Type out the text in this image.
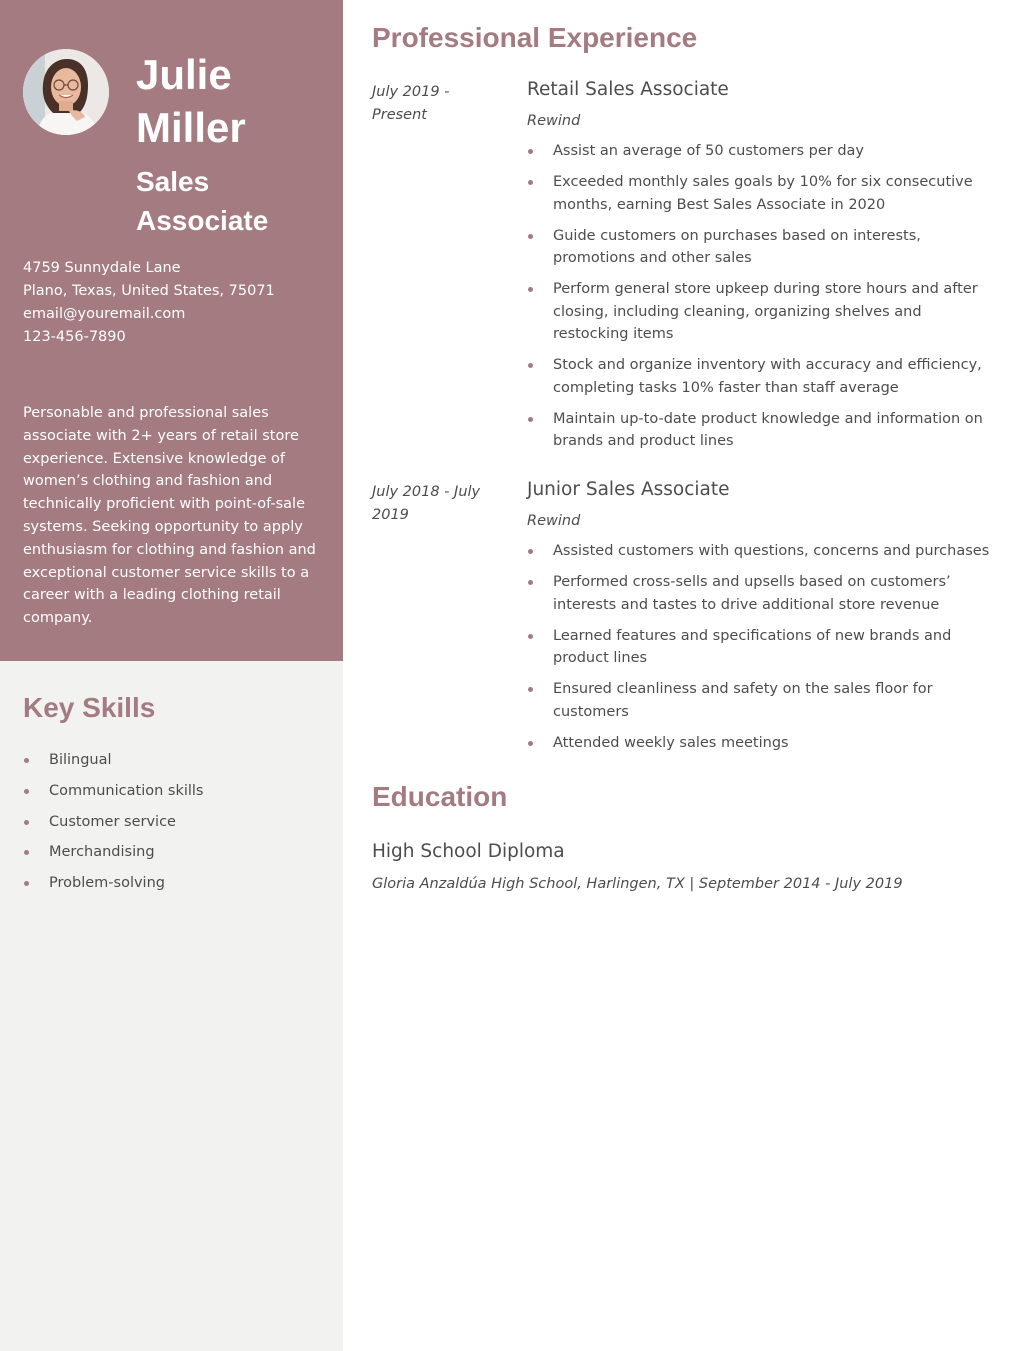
Julie
Miller
Sales
Associate
4759 Sunnydale Lane
Plano, Texas, United States, 75071
email@youremail.com
123-456-7890
Personable and professional sales associate with 2+ years of retail store experience. Extensive knowledge of women’s clothing and fashion and technically proficient with point-of-sale systems. Seeking opportunity to apply enthusiasm for clothing and fashion and exceptional customer service skills to a career with a leading clothing retail company.
Key Skills
Bilingual
Communication skills
Customer service
Merchandising
Problem-solving
Professional Experience
July 2019 - Present
Retail Sales Associate
Rewind
Assist an average of 50 customers per day
Exceeded monthly sales goals by 10% for six consecutive months, earning Best Sales Associate in 2020
Guide customers on purchases based on interests, promotions and other sales
Perform general store upkeep during store hours and after closing, including cleaning, organizing shelves and restocking items
Stock and organize inventory with accuracy and efficiency, completing tasks 10% faster than staff average
Maintain up-to-date product knowledge and information on brands and product lines
July 2018 - July 2019
Junior Sales Associate
Rewind
Assisted customers with questions, concerns and purchases
Performed cross-sells and upsells based on customers’ interests and tastes to drive additional store revenue
Learned features and specifications of new brands and product lines
Ensured cleanliness and safety on the sales floor for customers
Attended weekly sales meetings
Education
High School Diploma
Gloria Anzaldúa High School, Harlingen, TX | September 2014 - July 2019
